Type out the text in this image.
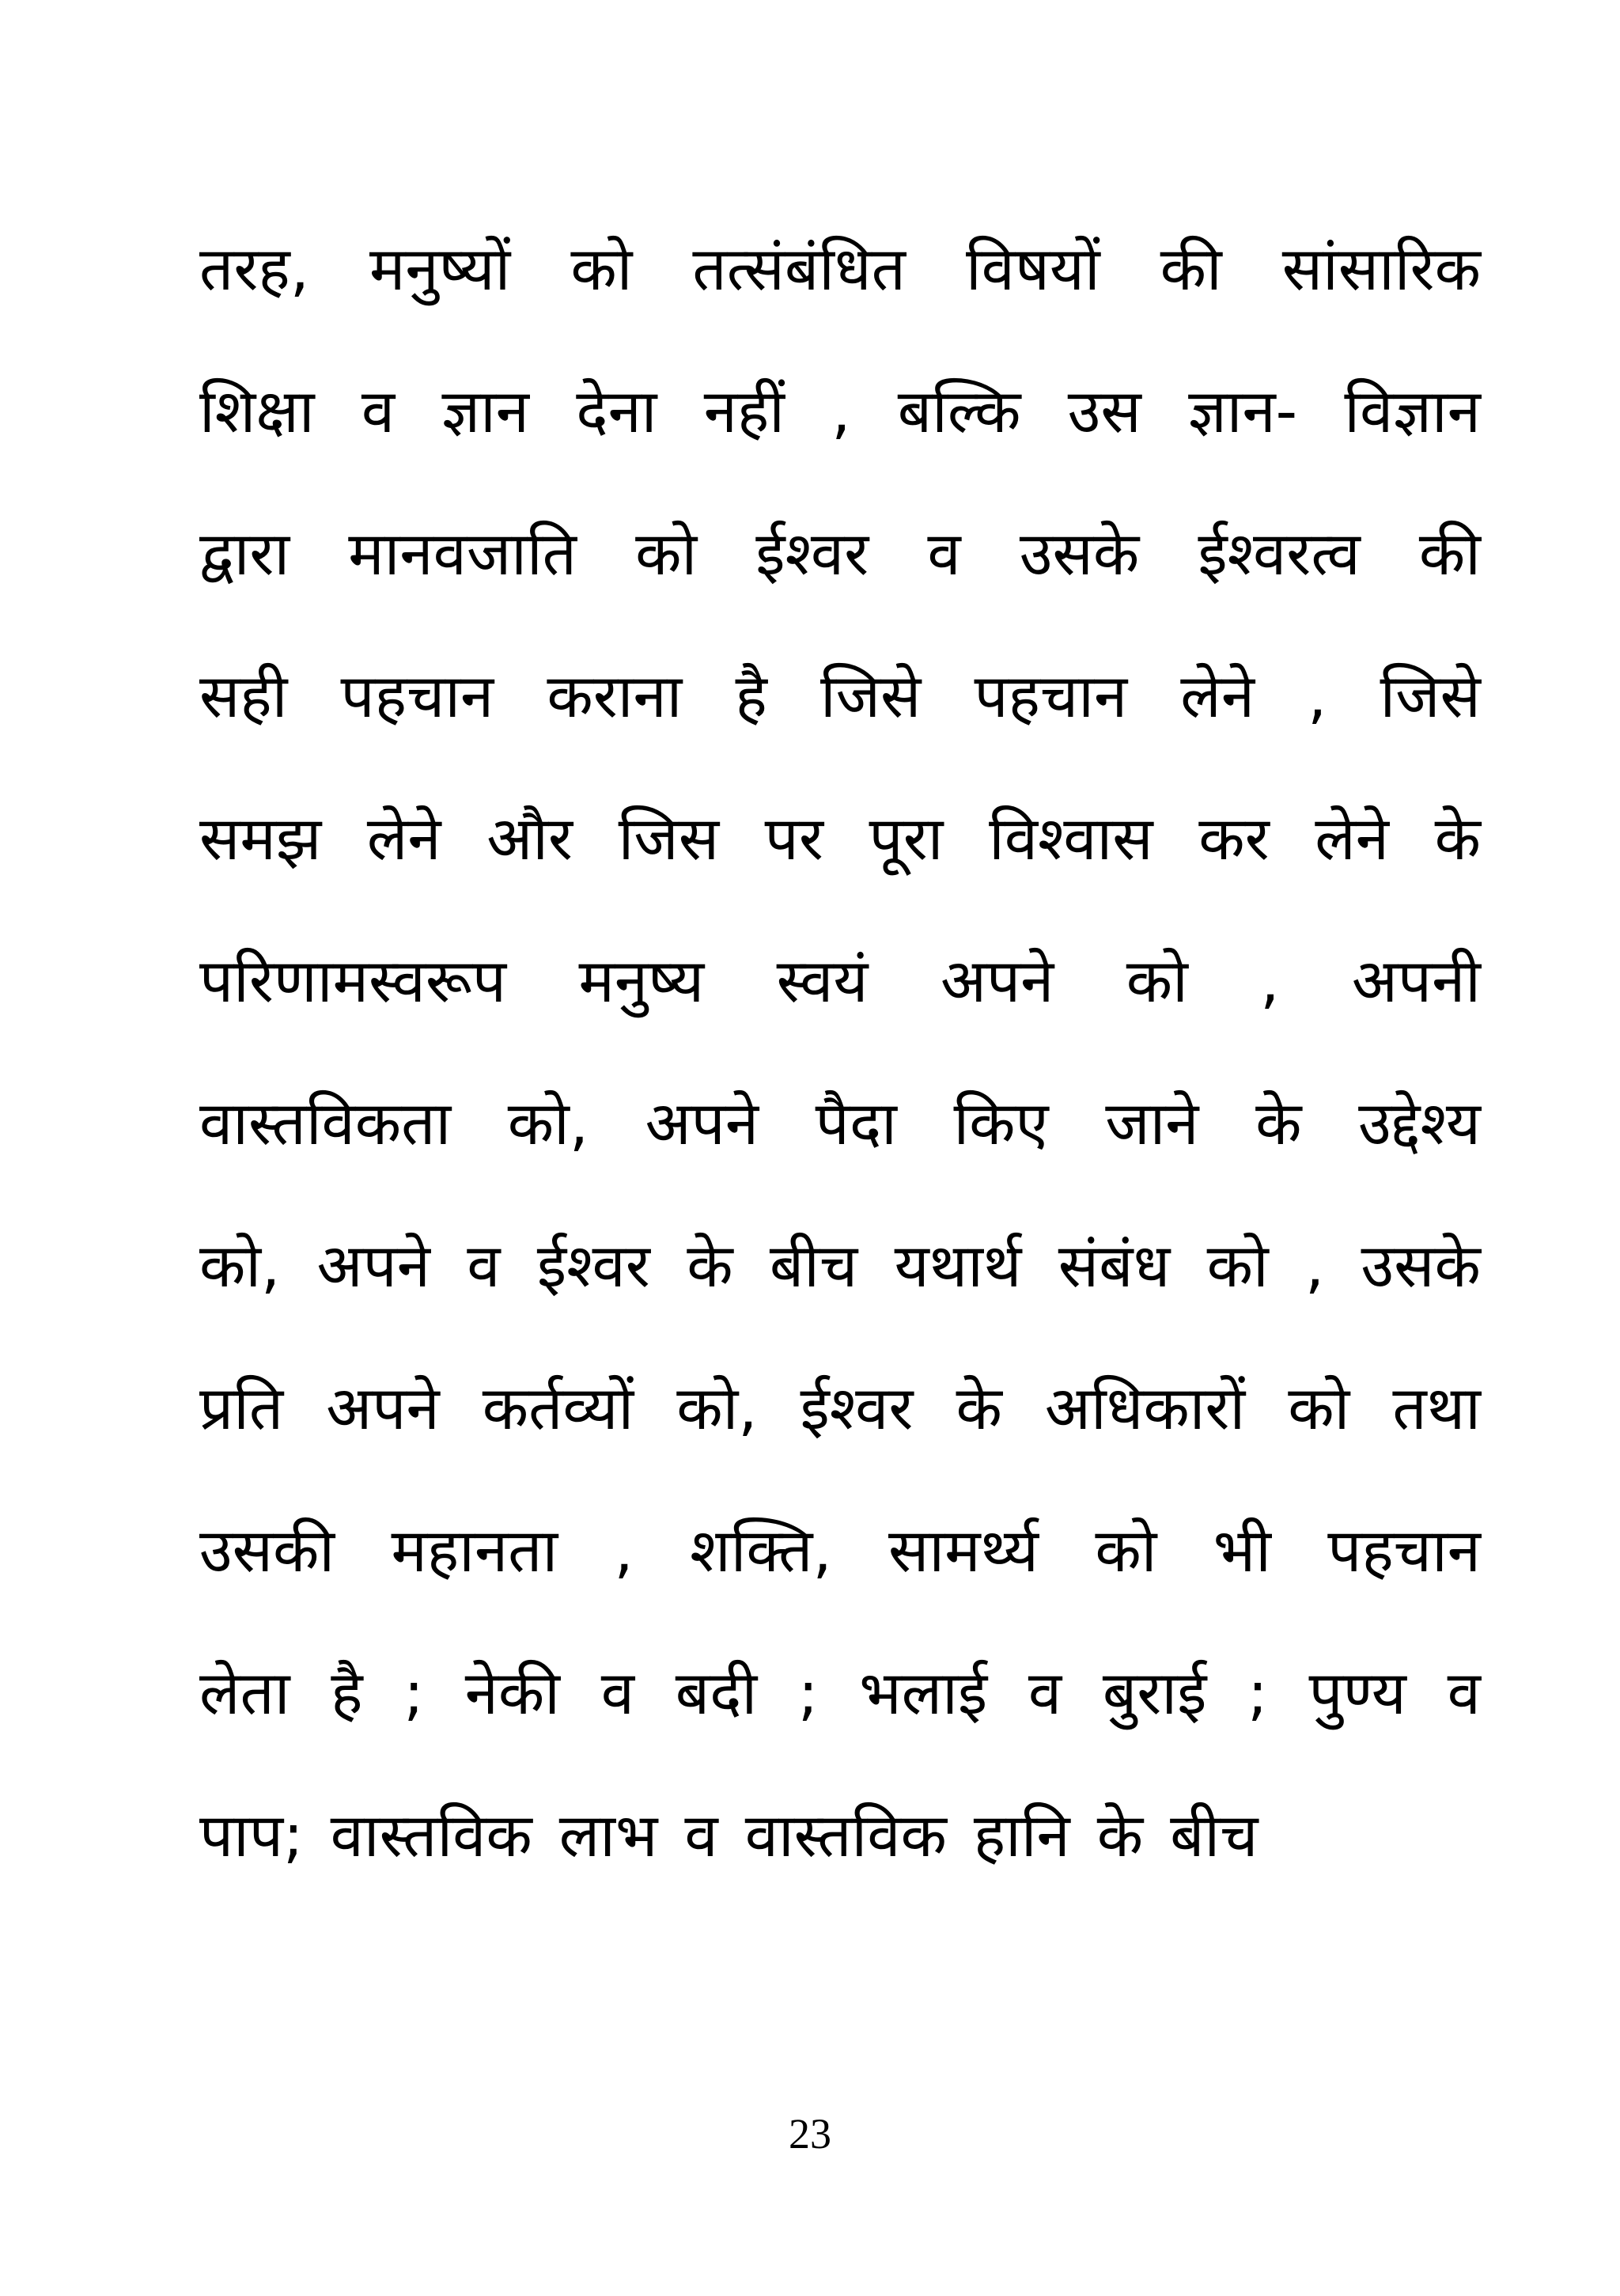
तरह, मनुष्यों को तत्संबंधित विषयों की सांसारिक
शिक्षा व ज्ञान देना नहीं , बल्कि उस ज्ञान- विज्ञान
द्वारा मानवजाति को ईश्वर व उसके ईश्वरत्व की
सही पहचान कराना है जिसे पहचान लेने , जिसे
समझ लेने और जिस पर पूरा विश्वास कर लेने के
परिणामस्वरूप मनुष्य स्वयं अपने को , अपनी
वास्तविकता को, अपने पैदा किए जाने के उद्देश्य
को, अपने व ईश्वर के बीच यथार्थ संबंध को , उसके
प्रति अपने कर्तव्यों को, ईश्वर के अधिकारों को तथा
उसकी महानता , शक्ति, सामर्थ्य को भी पहचान
लेता है ; नेकी व बदी ; भलाई व बुराई ; पुण्य व
पाप; वास्तविक लाभ व वास्तविक हानि के बीच
23
